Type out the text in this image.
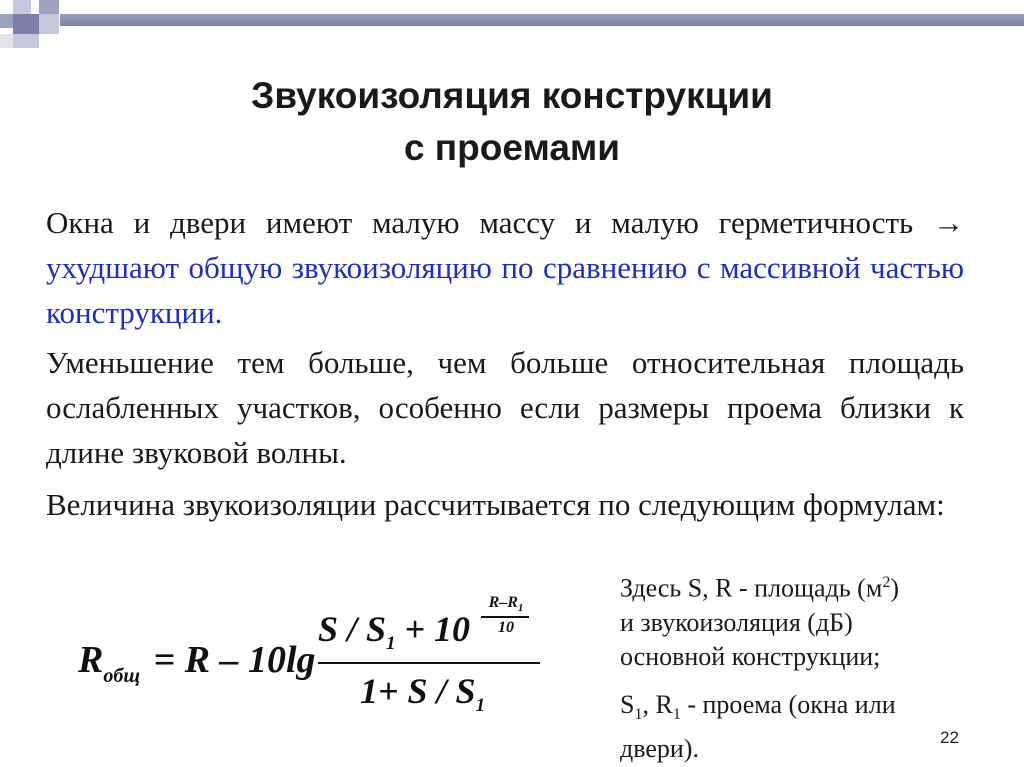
Звукоизоляция конструкции
с проемами
Окна и двери имеют малую массу и малую герметичность → ухудшают общую звукоизоляцию по сравнению с массивной частью конструкции.
Уменьшение тем больше, чем больше относительная площадь ослабленных участков, особенно если размеры проема близки к длине звуковой волны.
Величина звукоизоляции рассчитывается по следующим формулам:
$R_{общ} = R - 10\lg$
$S / S_1 + 10$
$R-R_1$
10
$1+ S / S_1$
Здесь S, R - площадь $(м^2)$
и звукоизоляция (дБ)
основной конструкции;
$S_1$, $R_1$ - проема (окна или
двери).	22
